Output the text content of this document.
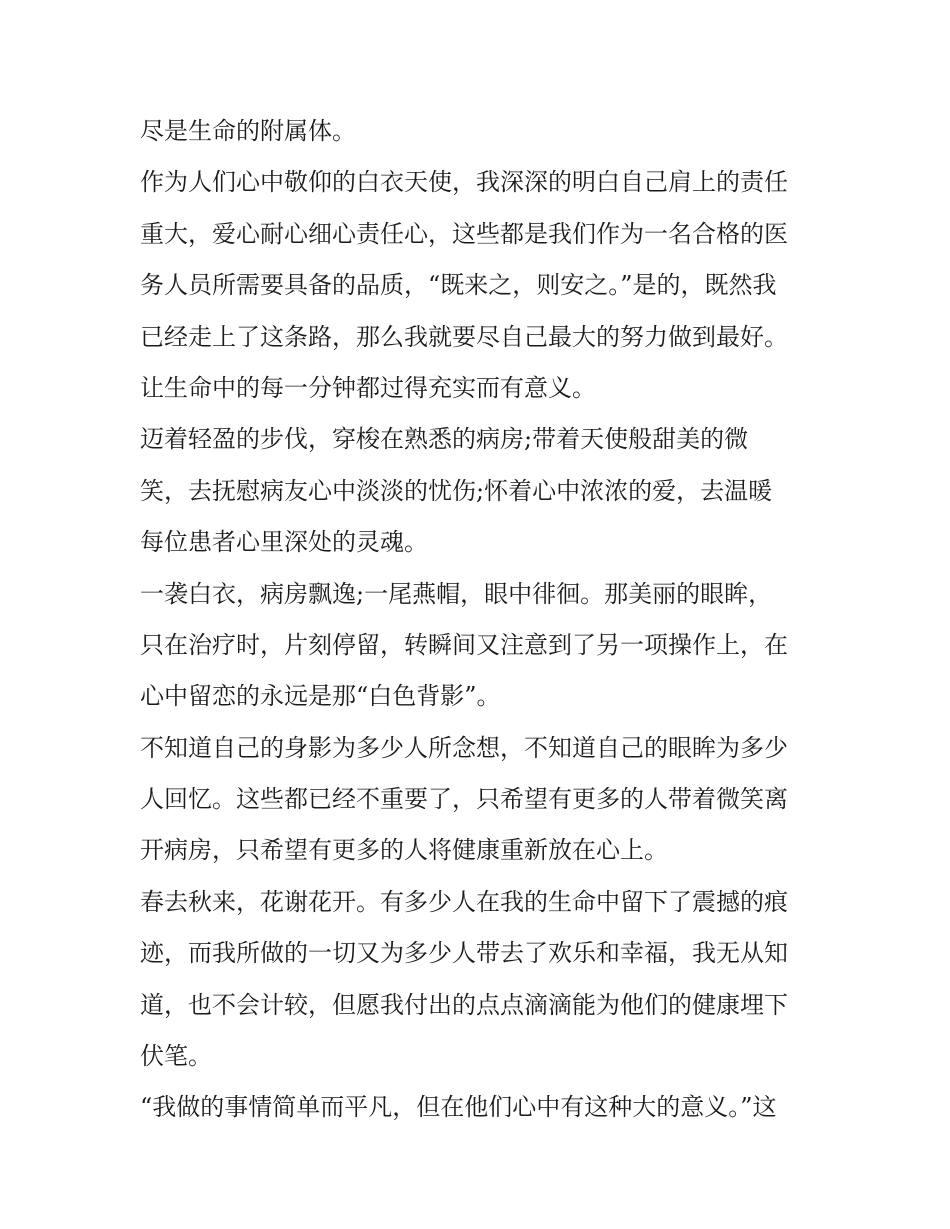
尽是生命的附属体。
作为人们心中敬仰的白衣天使，我深深的明白自己肩上的责任
重大，爱心耐心细心责任心，这些都是我们作为一名合格的医
务人员所需要具备的品质，“既来之，则安之。”是的，既然我
已经走上了这条路，那么我就要尽自己最大的努力做到最好。
让生命中的每一分钟都过得充实而有意义。
迈着轻盈的步伐，穿梭在熟悉的病房;带着天使般甜美的微
笑，去抚慰病友心中淡淡的忧伤;怀着心中浓浓的爱，去温暖
每位患者心里深处的灵魂。
一袭白衣，病房飘逸;一尾燕帽，眼中徘徊。那美丽的眼眸，
只在治疗时，片刻停留，转瞬间又注意到了另一项操作上，在
心中留恋的永远是那“白色背影”。
不知道自己的身影为多少人所念想，不知道自己的眼眸为多少
人回忆。这些都已经不重要了，只希望有更多的人带着微笑离
开病房，只希望有更多的人将健康重新放在心上。
春去秋来，花谢花开。有多少人在我的生命中留下了震撼的痕
迹，而我所做的一切又为多少人带去了欢乐和幸福，我无从知
道，也不会计较，但愿我付出的点点滴滴能为他们的健康埋下
伏笔。
“我做的事情简单而平凡，但在他们心中有这种大的意义。”这
